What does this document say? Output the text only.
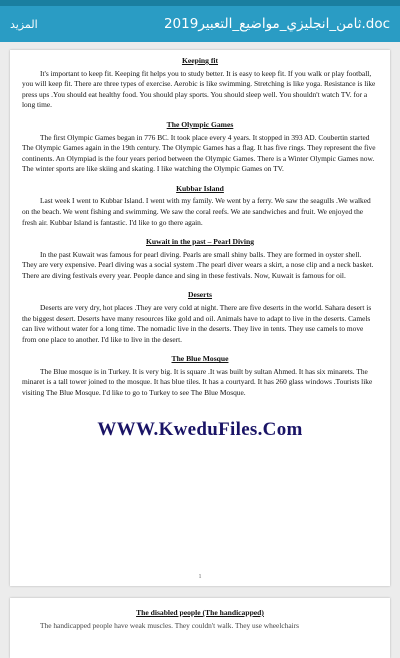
المزيد	ثامن_انجليزي_مواضيع_التعبير2019.doc

Keeping fit

It's important to keep fit. Keeping fit helps you to study better. It is easy to keep fit. If you walk or play football, you will keep fit. There are three types of exercise. Aerobic is like swimming. Stretching is like yoga. Resistance is like press ups .You should eat healthy food. You should play sports. You should sleep well. You shouldn't watch TV. for a long time.

The Olympic Games

The first Olympic Games began in 776 BC. It took place every 4 years. It stopped in 393 AD. Coubertin started The Olympic Games again in the 19th century. The Olympic Games has a flag. It has five rings. They represent the five continents. An Olympiad is the four years period between the Olympic Games. There is a Winter Olympic Games now. The winter sports are like skiing and skating. I like watching the Olympic Games on TV.

Kubbar Island

Last week I went to Kubbar Island. I went with my family. We went by a ferry. We saw the seagulls .We walked on the beach. We went fishing and swimming. We saw the coral reefs. We ate sandwiches and fruit. We enjoyed the fresh air. Kubbar Island is fantastic. I'd like to go there again.

Kuwait in the past – Pearl Diving

In the past Kuwait was famous for pearl diving. Pearls are small shiny balls. They are formed in oyster shell. They are very expensive. Pearl diving was a social system .The pearl diver wears a skirt, a nose clip and a neck basket. There are diving festivals every year. People dance and sing in these festivals. Now, Kuwait is famous for oil.

Deserts

Deserts are very dry, hot places .They are very cold at night. There are five deserts in the world. Sahara desert is the biggest desert. Deserts have many resources like gold and oil. Animals have to adapt to live in the deserts. Camels can live without water for a long time. The nomadic live in the deserts. They live in tents. They use camels to move from one place to another. I'd like to live in the desert.

The Blue Mosque

The Blue mosque is in Turkey. It is very big. It is square .It was built by sultan Ahmed. It has six minarets. The minaret is a tall tower joined to the mosque. It has blue tiles. It has a courtyard. It has 260 glass windows .Tourists like visiting The Blue Mosque. I'd like to go to Turkey to see The Blue Mosque.

WWW.KweduFiles.Com
1

The disabled people (The handicapped)

The handicapped people have weak muscles. They couldn't walk. They use wheelchairs
